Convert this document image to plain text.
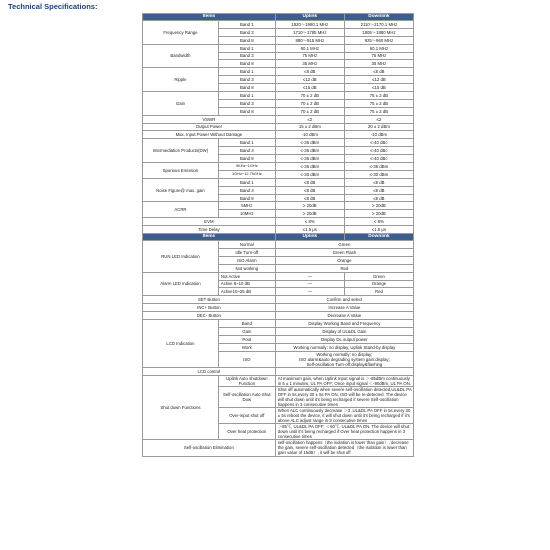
Technical Specifications:
Items		Uplink	Downlink
Frequency Range	Band 1	1920～1980.1 MHz	2110～2170.1 MHz
	Band 3	1710～1785 MHz	1805～1880 MHz
	Band 8	880～915 MHz	925～960 MHz
Bandwidth	Band 1	60.1 MHz	60.1 MHz
	Band 3	75 MHz	75 MHz
	Band 8	35 MHz	35 MHz
Ripple	Band 1	≤8 dB	≤8 dB
	Band 3	≤12 dB	≤12 dB
	Band 8	≤15 dB	≤15 dB
Gain	Band 1	70 ± 2 dB	75 ± 2 dB
	Band 3	70 ± 2 dB	75 ± 2 dB
	Band 8	70 ± 2 dB	75 ± 2 dB
VSWR		≤2	≤2
Output Power		15 ± 2 dBm	20 ± 2 dBm
Max. Input Power Without Damage		-10 dBm	-10 dBm
Intermediation Products(DW)	Band 1	≤-36 dBm	≤-40 dBc
	Band 3	≤-36 dBm	≤-40 dBc
	Band 8	≤-36 dBm	≤-40 dBc
Spurious Emission	9KHz~1GHz	≤-36 dBm	≤-36 dBm
	1GHz~12.75GHz	≤-30 dBm	≤-30 dBm
Noise Figure@ max. gain	Band 1	≤8 dB	≤8 dB
	Band 3	≤8 dB	≤8 dB
	Band 8	≤8 dB	≤8 dB
ACRR	5MHz	≥ 20dB	≥ 20dB
	10MHz	≥ 20dB	≥ 20dB
EVM		≤ 8%	≤ 8%
Time Delay		≤1.5 μs	≤1.5 μs
Items		Uplink	Downlink
RUN LED Indication	Normal	Green	
	Idle Turn-off	Green Flash	
	ISO Alarm	Orange	
	Not working	Red	
Alarm LED Indication	Not Active	—	Green
	Active 8~10 dB	—	Orange
	Active10~25 dB	—	Red
SET Button		Confirm and select	
INC+ Button		Increase A Value	
DEC- Button		Decrease A Value	
LCD Indication	Band	Display Working Band and Frequency	
	Gain	Display of UL&DL Gain	
	Pout	Display DL output power	
	Work	Working normally: no display, Uplink Stand-by display	
	ISO	Working normally: no display;
ISO alarm&auto degrading system gain:display;
Self-oscillation Turn-off:display&flashing	

LCD control			
Shut down Functions	Uplink Auto shutdown Function	At maximum gain, when Uplink Input signal is ＞-85dBm continuously in 5 ± 1 minutes, UL PA OFF; Once input signal ＜-90dBm, UL PA ON.	
	Self-oscillation Auto Shut Dow	Shut off automatically when severe self-oscillation detected,UL&DL PA OFF in 5s,every 30 ± 5s PA ON, ISO will be re-detected. The device will shut down until it's being recharged if severe Self-oscillation happens in 3 consecutive times	
	Over-input shut off	When ALC continuously decrease ＞3 ,UL&DL PA OFF in 5s,every 30 ± 5s reboot the device, it will shut down until it's being recharged if it's above ALC adjust range in 3 consecutive times	
	Over heat protection	＞85℃, UL&DL PA OFF; ＜60℃, UL&DL PA ON. The device will shut down until it's being recharged if Over heat protection happens in 3 consecutive times	
Self-oscillation Elimination		self-oscillation happens（the isolation is lower than gain）, decrease the gain, severe self-oscillation detected（the isolation is lower than gain value of 15dB）, it will be shut off	
